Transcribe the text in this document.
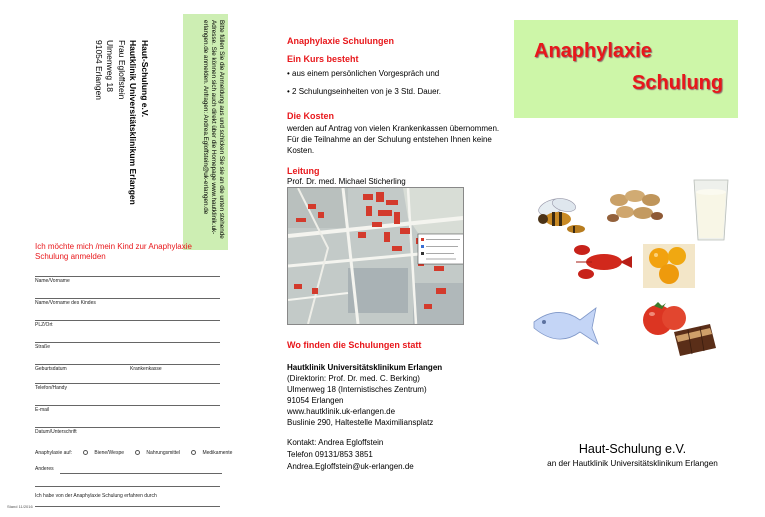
Haut-Schulung e.V.
Hautklinik Universitätsklinikum Erlangen
Frau Egloffstein
Ulmenweg 18
91054 Erlangen	Bitte füllen Sie die Anmeldung aus und schicken Sie sie an die unten stehende Adresse. Sie können sich auch direkt über die Homepage www.hautklinik.uk-erlangen.de anmelden. Anfragen: Andrea.Egloffstein@uk-erlangen.de
Ich möchte mich /mein Kind zur Anaphylaxie Schulung anmelden
Name/Vorname
Name/Vorname des Kindes
PLZ/Ort
Straße
Geburtsdatum	Krankenkasse
Telefon/Handy
E-mail
Datum/Unterschrift
Anaphylaxie auf:	Biene/Wespe	Nahrungsmittel	Medikamente
Anderes
Ich habe von der Anaphylaxie Schulung erfahren durch
Stand 11/2016
Anaphylaxie Schulungen
Ein Kurs besteht
• aus einem persönlichen Vorgespräch und
• 2 Schulungseinheiten von je 3 Std. Dauer.
Die Kosten
werden auf Antrag von vielen Krankenkassen übernommen. Für die Teilnahme an der Schulung entstehen Ihnen keine Kosten.
Leitung
Prof. Dr. med. Michael Sticherling
Wo finden die Schulungen statt
Hautklinik Universitätsklinikum Erlangen
(Direktorin: Prof. Dr. med. C. Berking)
Ulmenweg 18 (Internistisches Zentrum)
91054 Erlangen
www.hautklinik.uk-erlangen.de
Buslinie 290, Haltestelle Maximiliansplatz
Kontakt: Andrea Egloffstein
Telefon 09131/853 3851
Andrea.Egloffstein@uk-erlangen.de
Anaphylaxie
Schulung
Haut-Schulung e.V.
an der Hautklinik Universitätsklinikum Erlangen
